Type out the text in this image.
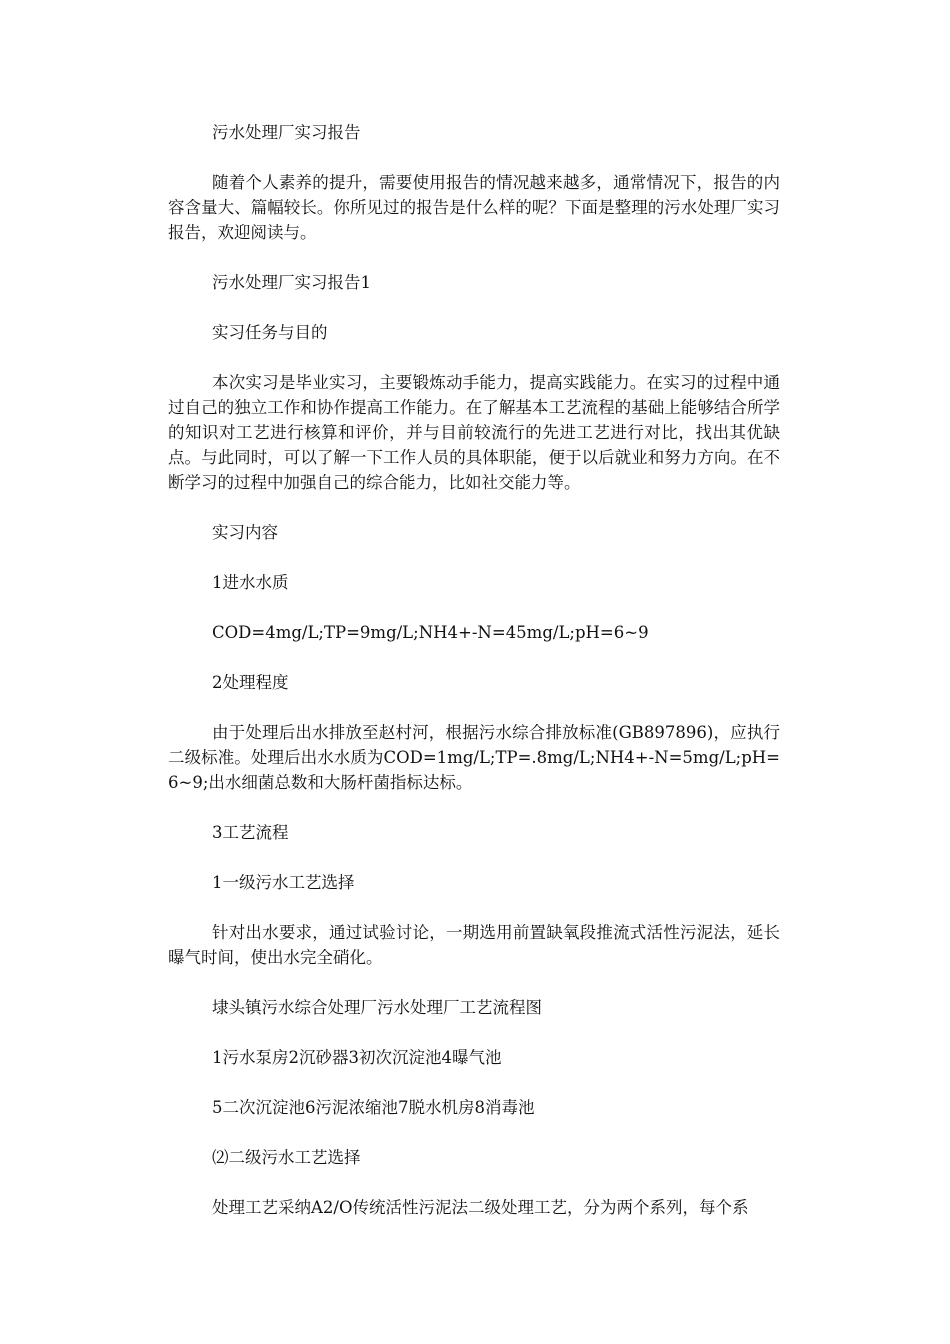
污水处理厂实习报告

随着个人素养的提升，需要使用报告的情况越来越多，通常情况下，报告的内容含量大、篇幅较长。你所见过的报告是什么样的呢？下面是整理的污水处理厂实习报告，欢迎阅读与。

污水处理厂实习报告1

实习任务与目的

本次实习是毕业实习，主要锻炼动手能力，提高实践能力。在实习的过程中通过自己的独立工作和协作提高工作能力。在了解基本工艺流程的基础上能够结合所学的知识对工艺进行核算和评价，并与目前较流行的先进工艺进行对比，找出其优缺点。与此同时，可以了解一下工作人员的具体职能，便于以后就业和努力方向。在不断学习的过程中加强自己的综合能力，比如社交能力等。

实习内容

1进水水质

COD=4mg/L;TP=9mg/L;NH4+-N=45mg/L;pH=6~9

2处理程度

由于处理后出水排放至赵村河，根据污水综合排放标准(GB897896)，应执行二级标准。处理后出水水质为COD=1mg/L;TP=.8mg/L;NH4+-N=5mg/L;pH=6~9;出水细菌总数和大肠杆菌指标达标。

3工艺流程

1一级污水工艺选择

针对出水要求，通过试验讨论，一期选用前置缺氧段推流式活性污泥法，延长曝气时间，使出水完全硝化。

埭头镇污水综合处理厂污水处理厂工艺流程图

1污水泵房2沉砂器3初次沉淀池4曝气池

5二次沉淀池6污泥浓缩池7脱水机房8消毒池

⑵二级污水工艺选择

处理工艺采纳A2/O传统活性污泥法二级处理工艺，分为两个系列，每个系
